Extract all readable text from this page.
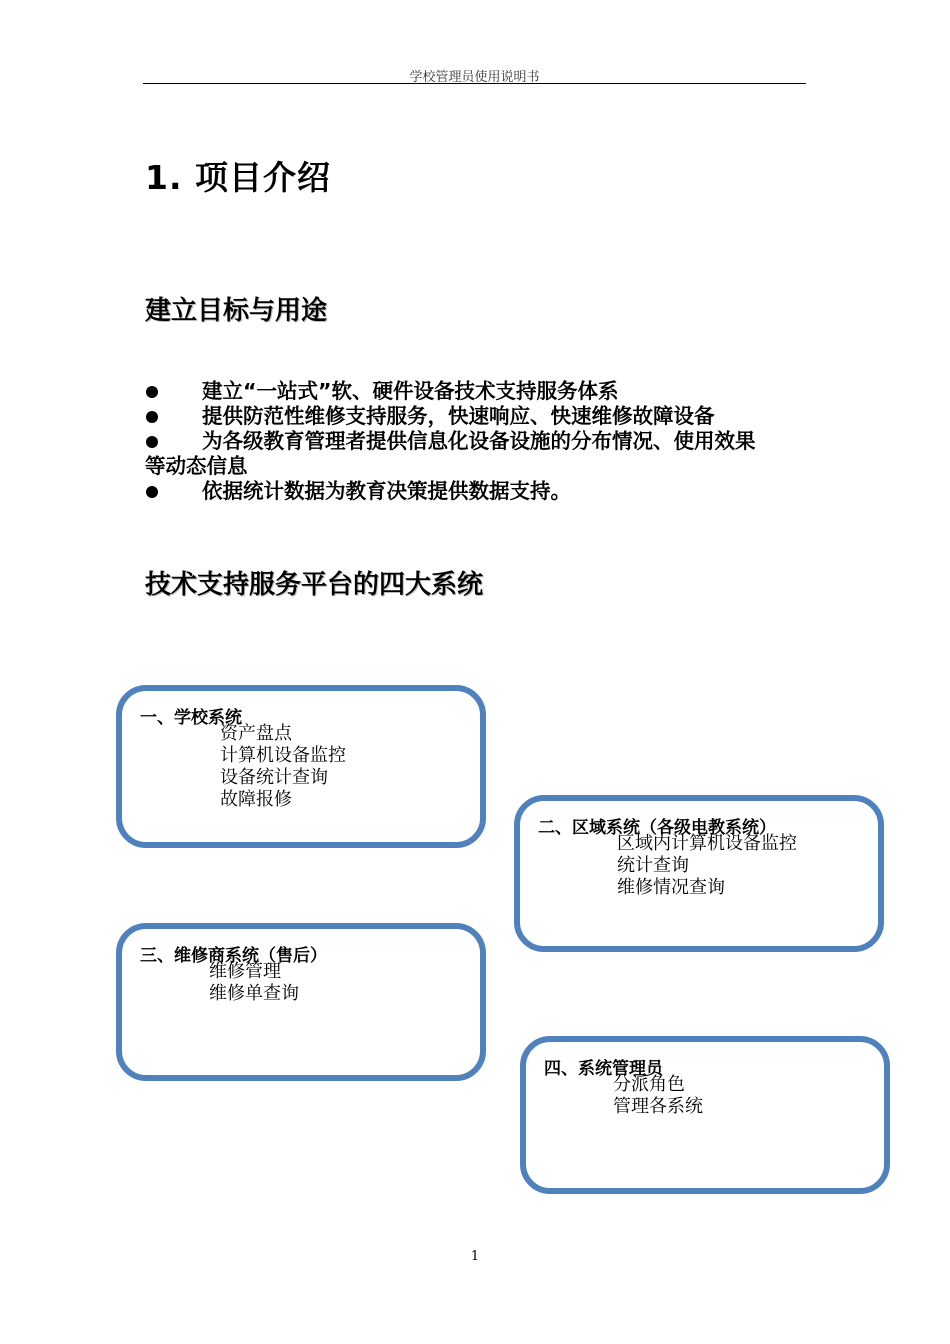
学校管理员使用说明书
1. 项目介绍
建立目标与用途
建立“一站式”软、硬件设备技术支持服务体系
提供防范性维修支持服务，快速响应、快速维修故障设备
为各级教育管理者提供信息化设备设施的分布情况、使用效果
等动态信息
依据统计数据为教育决策提供数据支持。
技术支持服务平台的四大系统
一、学校系统
资产盘点
计算机设备监控
设备统计查询
故障报修
二、区域系统（各级电教系统）
区域内计算机设备监控
统计查询
维修情况查询
三、维修商系统（售后）
维修管理
维修单查询
四、系统管理员
分派角色
管理各系统
1
